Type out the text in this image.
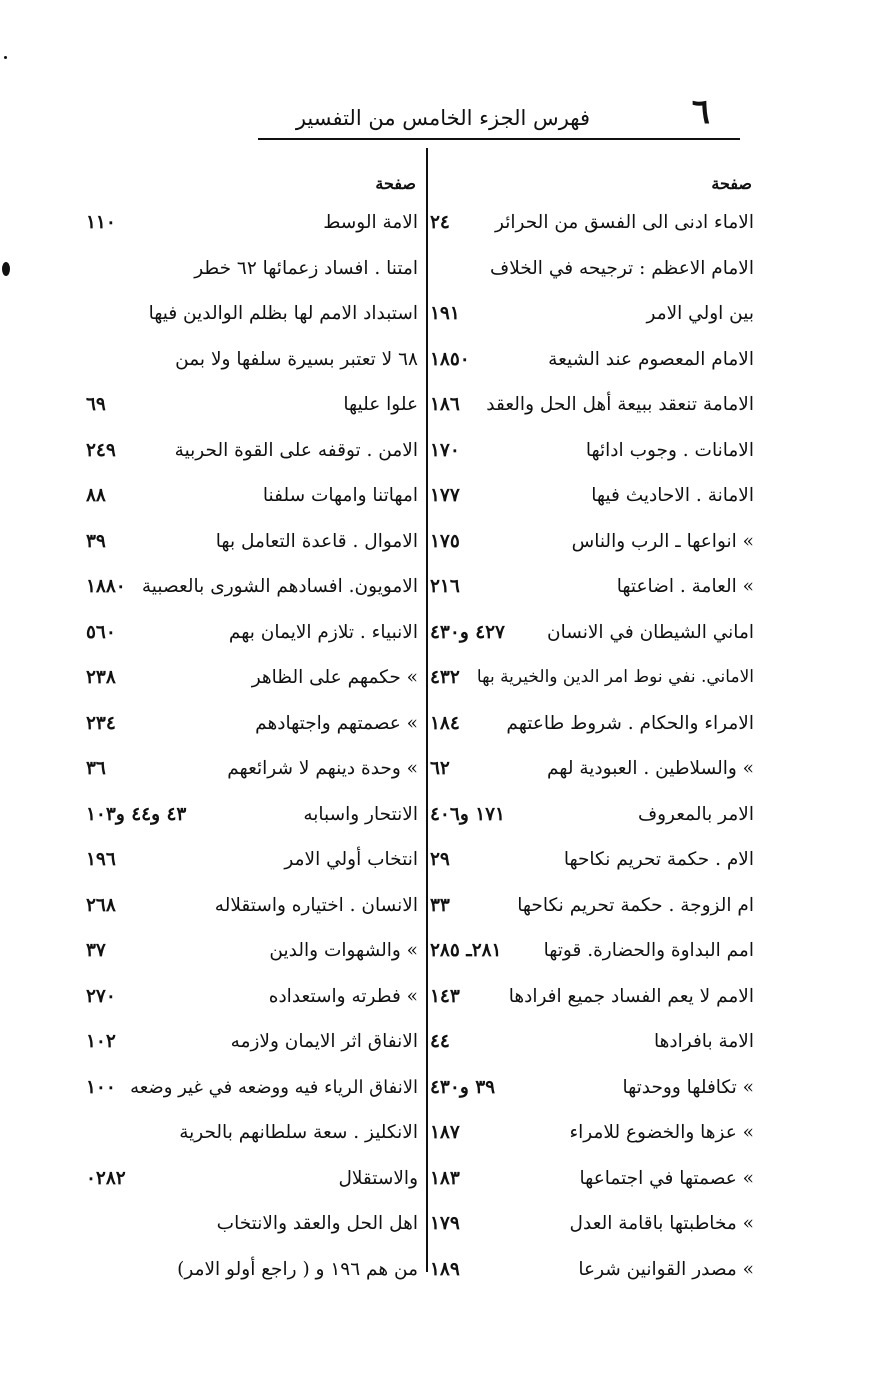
٦
فهرس الجزء الخامس من التفسير
صفحة
الاماء ادنى الى الفسق من الحرائر
٢٤
الامام الاعظم : ترجيحه في الخلاف
بين اولي الامر
١٩١
الامام المعصوم عند الشيعة
١٨٥٠
الامامة تنعقد ببيعة أهل الحل والعقد
١٨٦
الامانات . وجوب ادائها
١٧٠
الامانة . الاحاديث فيها
١٧٧
» انواعها ـ الرب والناس
١٧٥
» العامة . اضاعتها
٢١٦
اماني الشيطان في الانسان
٤٢٧ و٤٣٠
الاماني. نفي نوط امر الدين والخيرية بها
٤٣٢
الامراء والحكام . شروط طاعتهم
١٨٤
» والسلاطين . العبودية لهم
٦٢
الامر بالمعروف
١٧١ و٤٠٦
الام . حكمة تحريم نكاحها
٢٩
ام الزوجة . حكمة تحريم نكاحها
٣٣
امم البداوة والحضارة. قوتها
٢٨١ـ ٢٨٥
الامم لا يعم الفساد جميع افرادها
١٤٣
الامة بافرادها
٤٤
» تكافلها ووحدتها
٣٩ و٤٣٠
» عزها والخضوع للامراء
١٨٧
» عصمتها في اجتماعها
١٨٣
» مخاطبتها باقامة العدل
١٧٩
» مصدر القوانين شرعا
١٨٩
صفحة
الامة الوسط
١١٠
امتنا . افساد زعمائها ٦٢ خطر
استبداد الامم لها بظلم الوالدين فيها
٦٨ لا تعتبر بسيرة سلفها ولا بمن
علوا عليها
٦٩
الامن . توقفه على القوة الحربية
٢٤٩
امهاتنا وامهات سلفنا
٨٨
الاموال . قاعدة التعامل بها
٣٩
الامويون. افسادهم الشورى بالعصبية
١٨٨٠
الانبياء . تلازم الايمان بهم
٥٦٠
» حكمهم على الظاهر
٢٣٨
» عصمتهم واجتهادهم
٢٣٤
» وحدة دينهم لا شرائعهم
٣٦
الانتحار واسبابه
٤٣ و٤٤ و١٠٣
انتخاب أولي الامر
١٩٦
الانسان . اختياره واستقلاله
٢٦٨
» والشهوات والدين
٣٧
» فطرته واستعداده
٢٧٠
الانفاق اثر الايمان ولازمه
١٠٢
الانفاق الرياء فيه ووضعه في غير وضعه
١٠٠
الانكليز . سعة سلطانهم بالحرية
والاستقلال
٠٢٨٢
اهل الحل والعقد والانتخاب
من هم ١٩٦ و ( راجع أولو الامر)
